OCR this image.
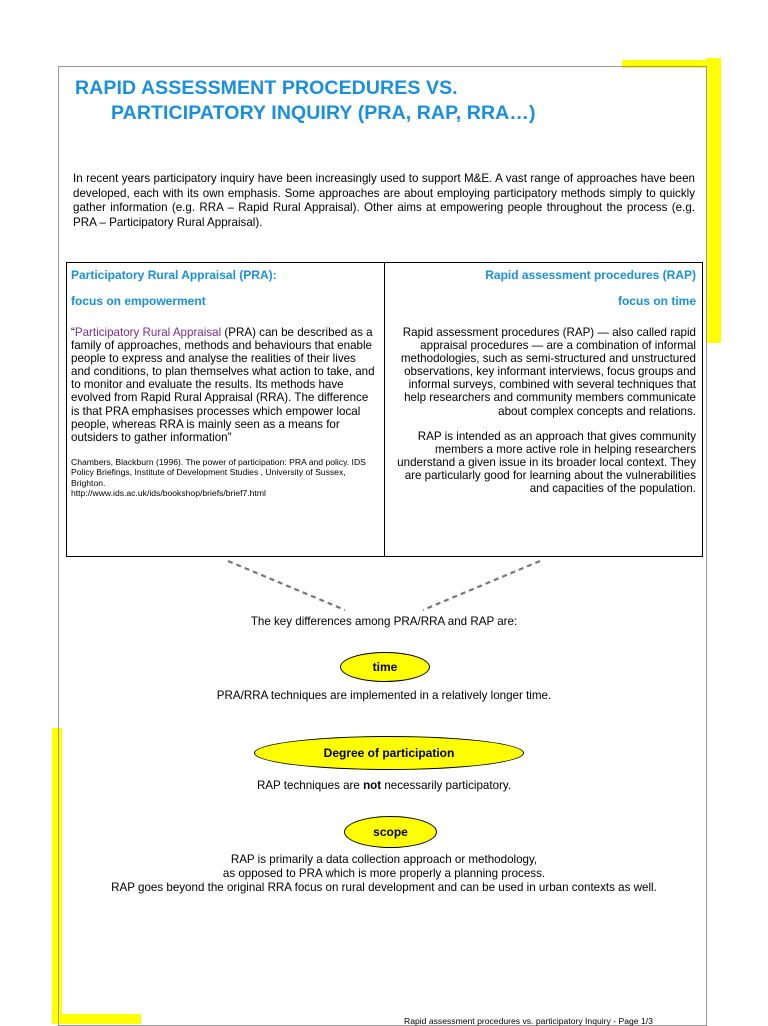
RAPID ASSESSMENT PROCEDURES VS.
PARTICIPATORY INQUIRY (PRA, RAP, RRA…)

In recent years participatory inquiry have been increasingly used to support M&E. A vast range of approaches have been developed, each with its own emphasis. Some approaches are about employing participatory methods simply to quickly gather information (e.g. RRA – Rapid Rural Appraisal). Other aims at empowering people throughout the process (e.g. PRA – Participatory Rural Appraisal).

Participatory Rural Appraisal (PRA):

focus on empowerment

“Participatory Rural Appraisal (PRA) can be described as a family of approaches, methods and behaviours that enable people to express and analyse the realities of their lives and conditions, to plan themselves what action to take, and to monitor and evaluate the results. Its methods have evolved from Rapid Rural Appraisal (RRA). The difference is that PRA emphasises processes which empower local people, whereas RRA is mainly seen as a means for outsiders to gather information”

Chambers, Blackburn (1996). The power of participation: PRA and policy. IDS Policy Briefings, Institute of Development Studies , University of Sussex, Brighton.
http://www.ids.ac.uk/ids/bookshop/briefs/brief7.html

Rapid assessment procedures (RAP)

focus on time

Rapid assessment procedures (RAP) — also called rapid appraisal procedures — are a combination of informal methodologies, such as semi-structured and unstructured observations, key informant interviews, focus groups and informal surveys, combined with several techniques that help researchers and community members communicate about complex concepts and relations.

RAP is intended as an approach that gives community members a more active role in helping researchers understand a given issue in its broader local context. They are particularly good for learning about the vulnerabilities and capacities of the population.

The key differences among PRA/RRA and RAP are:

time

PRA/RRA techniques are implemented in a relatively longer time.

Degree of participation

RAP techniques are not necessarily participatory.

scope

RAP is primarily a data collection approach or methodology,

as opposed to PRA which is more properly a planning process.

RAP goes beyond the original RRA focus on rural development and can be used in urban contexts as well.

Rapid assessment procedures vs. participatory Inquiry - Page 1/3
